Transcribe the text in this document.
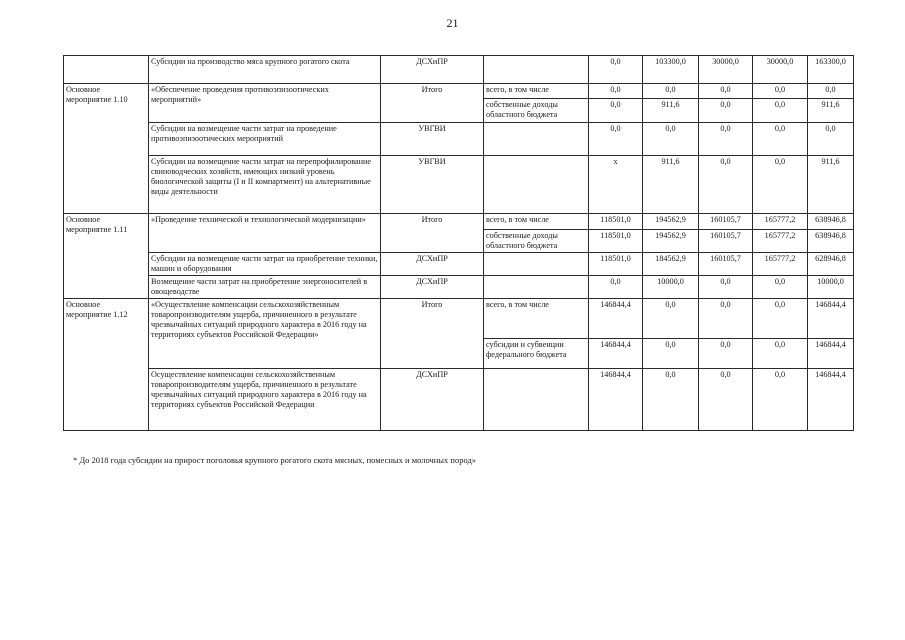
21
	Субсидии на производство мяса крупного рогатого скота	ДСХиПР		0,0	103300,0	30000,0	30000,0	163300,0
Основное мероприятие 1.10	«Обеспечение проведения противоэпизоотических мероприятий»	Итого	всего, в том числе	0,0	0,0	0,0	0,0	0,0
			собственные доходы областного бюджета	0,0	911,6	0,0	0,0	911,6
	Субсидии на возмещение части затрат на проведение противоэпизоотических мероприятий	УВГВИ		0,0	0,0	0,0	0,0	0,0
	Субсидии на возмещение части затрат на перепрофилирование свиноводческих хозяйств, имеющих низкий уровень биологической защиты (I и II компартмент) на альтернативные виды деятельности	УВГВИ		х	911,6	0,0	0,0	911,6
Основное мероприятие 1.11	«Проведение технической и технологической модернизации»	Итого	всего, в том числе	118501,0	194562,9	160105,7	165777,2	638946,8
			собственные доходы областного бюджета	118501,0	194562,9	160105,7	165777,2	638946,8
	Субсидии на возмещение части затрат на приобретение техники, машин и оборудования	ДСХиПР		118501,0	184562,9	160105,7	165777,2	628946,8
	Возмещение части затрат на приобретение энергоносителей в овощеводстве	ДСХиПР		0,0	10000,0	0,0	0,0	10000,0
Основное мероприятие 1.12	«Осуществление компенсации сельскохозяйственным товаропроизводителям ущерба, причиненного в результате чрезвычайных ситуаций природного характера в 2016 году на территориях субъектов Российской Федерации»	Итого	всего, в том числе	146844,4	0,0	0,0	0,0	146844,4
			субсидии и субвенции федерального бюджета	146844,4	0,0	0,0	0,0	146844,4
	Осуществление компенсации сельскохозяйственным товаропроизводителям ущерба, причиненного в результате чрезвычайных ситуаций природного характера в 2016 году на территориях субъектов Российской Федерации	ДСХиПР		146844,4	0,0	0,0	0,0	146844,4
* До 2018 года субсидии на прирост поголовья крупного рогатого скота мясных, помесных и молочных пород»
